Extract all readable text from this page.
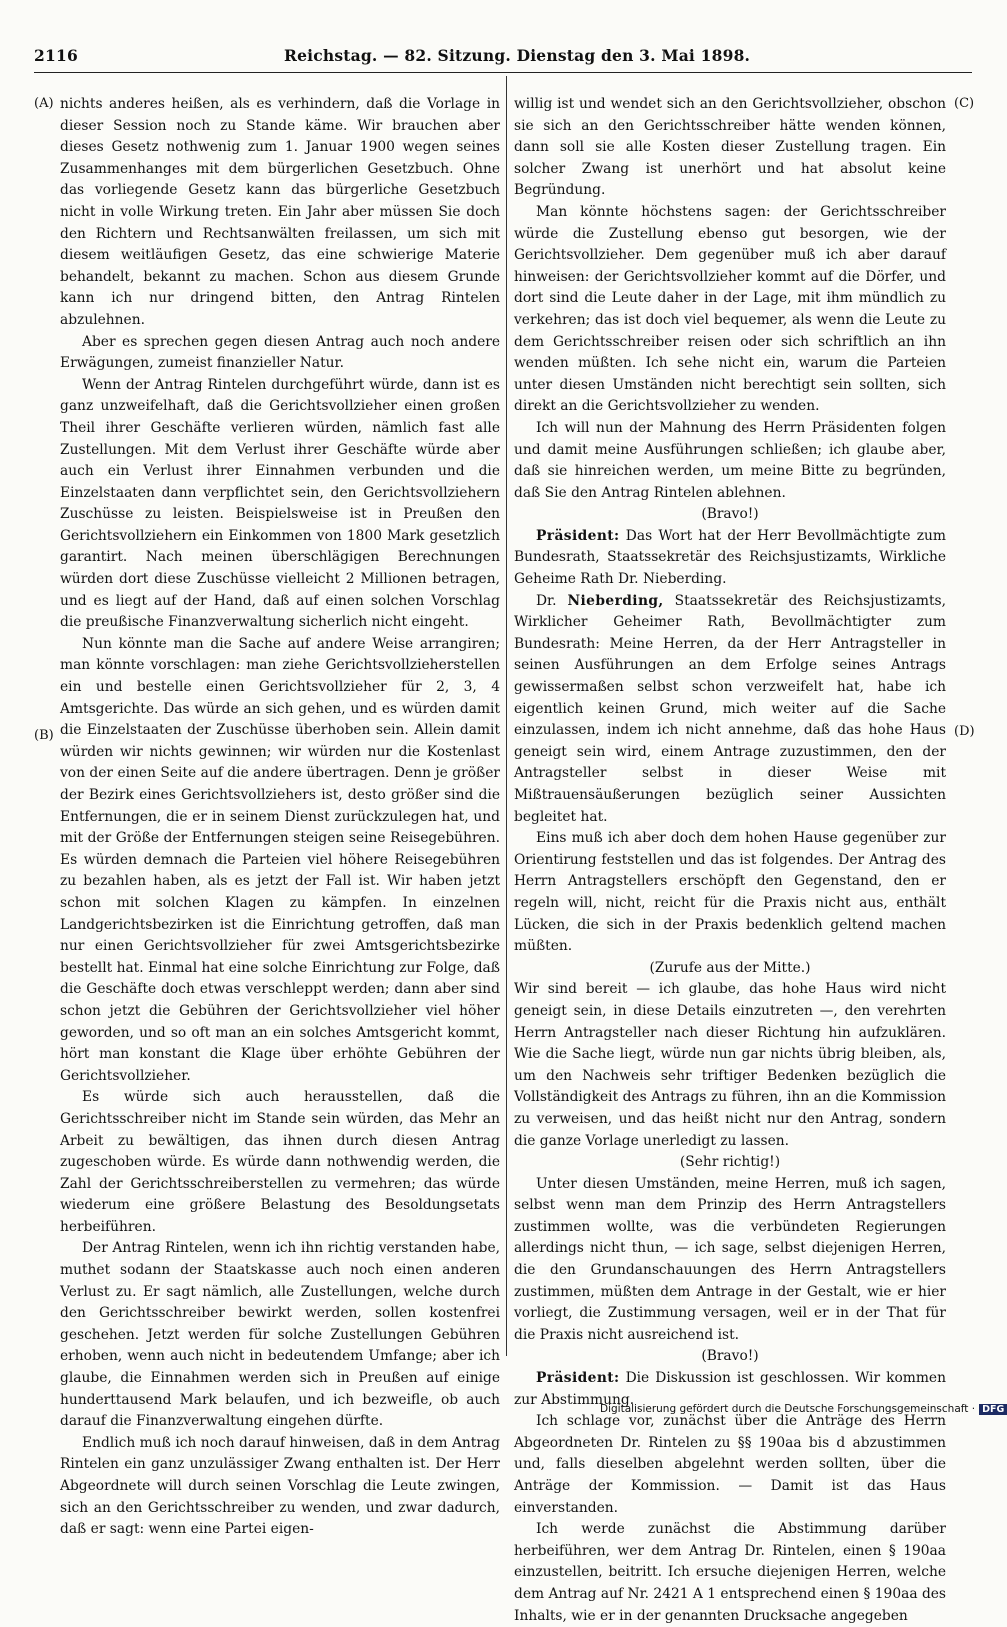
2116	Reichstag. — 82. Sitzung. Dienstag den 3. Mai 1898.
(A)
(B)
(C)
(D)

nichts anderes heißen, als es verhindern, daß die Vorlage in dieser Session noch zu Stande käme. Wir brauchen aber dieses Gesetz nothwenig zum 1. Januar 1900 wegen seines Zusammenhanges mit dem bürgerlichen Gesetzbuch. Ohne das vorliegende Gesetz kann das bürgerliche Gesetzbuch nicht in volle Wirkung treten. Ein Jahr aber müssen Sie doch den Richtern und Rechtsanwälten freilassen, um sich mit diesem weitläufigen Gesetz, das eine schwierige Materie behandelt, bekannt zu machen. Schon aus diesem Grunde kann ich nur dringend bitten, den Antrag Rintelen abzulehnen.

Aber es sprechen gegen diesen Antrag auch noch andere Erwägungen, zumeist finanzieller Natur.

Wenn der Antrag Rintelen durchgeführt würde, dann ist es ganz unzweifelhaft, daß die Gerichtsvollzieher einen großen Theil ihrer Geschäfte verlieren würden, nämlich fast alle Zustellungen. Mit dem Verlust ihrer Geschäfte würde aber auch ein Verlust ihrer Einnahmen verbunden und die Einzelstaaten dann verpflichtet sein, den Gerichtsvollziehern Zuschüsse zu leisten. Beispielsweise ist in Preußen den Gerichtsvollziehern ein Einkommen von 1800 Mark gesetzlich garantirt. Nach meinen überschlägigen Berechnungen würden dort diese Zuschüsse vielleicht 2 Millionen betragen, und es liegt auf der Hand, daß auf einen solchen Vorschlag die preußische Finanzverwaltung sicherlich nicht eingeht.

Nun könnte man die Sache auf andere Weise arrangiren; man könnte vorschlagen: man ziehe Gerichtsvollzieherstellen ein und bestelle einen Gerichtsvollzieher für 2, 3, 4 Amtsgerichte. Das würde an sich gehen, und es würden damit die Einzelstaaten der Zuschüsse überhoben sein. Allein damit würden wir nichts gewinnen; wir würden nur die Kostenlast von der einen Seite auf die andere übertragen. Denn je größer der Bezirk eines Gerichtsvollziehers ist, desto größer sind die Entfernungen, die er in seinem Dienst zurückzulegen hat, und mit der Größe der Entfernungen steigen seine Reisegebühren. Es würden demnach die Parteien viel höhere Reisegebühren zu bezahlen haben, als es jetzt der Fall ist. Wir haben jetzt schon mit solchen Klagen zu kämpfen. In einzelnen Landgerichtsbezirken ist die Einrichtung getroffen, daß man nur einen Gerichtsvollzieher für zwei Amtsgerichtsbezirke bestellt hat. Einmal hat eine solche Einrichtung zur Folge, daß die Geschäfte doch etwas verschleppt werden; dann aber sind schon jetzt die Gebühren der Gerichtsvollzieher viel höher geworden, und so oft man an ein solches Amtsgericht kommt, hört man konstant die Klage über erhöhte Gebühren der Gerichtsvollzieher.

Es würde sich auch herausstellen, daß die Gerichtsschreiber nicht im Stande sein würden, das Mehr an Arbeit zu bewältigen, das ihnen durch diesen Antrag zugeschoben würde. Es würde dann nothwendig werden, die Zahl der Gerichtsschreiberstellen zu vermehren; das würde wiederum eine größere Belastung des Besoldungsetats herbeiführen.

Der Antrag Rintelen, wenn ich ihn richtig verstanden habe, muthet sodann der Staatskasse auch noch einen anderen Verlust zu. Er sagt nämlich, alle Zustellungen, welche durch den Gerichtsschreiber bewirkt werden, sollen kostenfrei geschehen. Jetzt werden für solche Zustellungen Gebühren erhoben, wenn auch nicht in bedeutendem Umfange; aber ich glaube, die Einnahmen werden sich in Preußen auf einige hunderttausend Mark belaufen, und ich bezweifle, ob auch darauf die Finanzverwaltung eingehen dürfte.

Endlich muß ich noch darauf hinweisen, daß in dem Antrag Rintelen ein ganz unzulässiger Zwang enthalten ist. Der Herr Abgeordnete will durch seinen Vorschlag die Leute zwingen, sich an den Gerichtsschreiber zu wenden, und zwar dadurch, daß er sagt: wenn eine Partei eigen-

willig ist und wendet sich an den Gerichtsvollzieher, obschon sie sich an den Gerichtsschreiber hätte wenden können, dann soll sie alle Kosten dieser Zustellung tragen. Ein solcher Zwang ist unerhört und hat absolut keine Begründung.

Man könnte höchstens sagen: der Gerichtsschreiber würde die Zustellung ebenso gut besorgen, wie der Gerichtsvollzieher. Dem gegenüber muß ich aber darauf hinweisen: der Gerichtsvollzieher kommt auf die Dörfer, und dort sind die Leute daher in der Lage, mit ihm mündlich zu verkehren; das ist doch viel bequemer, als wenn die Leute zu dem Gerichtsschreiber reisen oder sich schriftlich an ihn wenden müßten. Ich sehe nicht ein, warum die Parteien unter diesen Umständen nicht berechtigt sein sollten, sich direkt an die Gerichtsvollzieher zu wenden.

Ich will nun der Mahnung des Herrn Präsidenten folgen und damit meine Ausführungen schließen; ich glaube aber, daß sie hinreichen werden, um meine Bitte zu begründen, daß Sie den Antrag Rintelen ablehnen.

(Bravo!)

Präsident: Das Wort hat der Herr Bevollmächtigte zum Bundesrath, Staatssekretär des Reichsjustizamts, Wirkliche Geheime Rath Dr. Nieberding.

Dr. Nieberding, Staatssekretär des Reichsjustizamts, Wirklicher Geheimer Rath, Bevollmächtigter zum Bundesrath: Meine Herren, da der Herr Antragsteller in seinen Ausführungen an dem Erfolge seines Antrags gewissermaßen selbst schon verzweifelt hat, habe ich eigentlich keinen Grund, mich weiter auf die Sache einzulassen, indem ich nicht annehme, daß das hohe Haus geneigt sein wird, einem Antrage zuzustimmen, den der Antragsteller selbst in dieser Weise mit Mißtrauensäußerungen bezüglich seiner Aussichten begleitet hat.

Eins muß ich aber doch dem hohen Hause gegenüber zur Orientirung feststellen und das ist folgendes. Der Antrag des Herrn Antragstellers erschöpft den Gegenstand, den er regeln will, nicht, reicht für die Praxis nicht aus, enthält Lücken, die sich in der Praxis bedenklich geltend machen müßten.

(Zurufe aus der Mitte.)

Wir sind bereit — ich glaube, das hohe Haus wird nicht geneigt sein, in diese Details einzutreten —, den verehrten Herrn Antragsteller nach dieser Richtung hin aufzuklären. Wie die Sache liegt, würde nun gar nichts übrig bleiben, als, um den Nachweis sehr triftiger Bedenken bezüglich die Vollständigkeit des Antrags zu führen, ihn an die Kommission zu verweisen, und das heißt nicht nur den Antrag, sondern die ganze Vorlage unerledigt zu lassen.

(Sehr richtig!)

Unter diesen Umständen, meine Herren, muß ich sagen, selbst wenn man dem Prinzip des Herrn Antragstellers zustimmen wollte, was die verbündeten Regierungen allerdings nicht thun, — ich sage, selbst diejenigen Herren, die den Grundanschauungen des Herrn Antragstellers zustimmen, müßten dem Antrage in der Gestalt, wie er hier vorliegt, die Zustimmung versagen, weil er in der That für die Praxis nicht ausreichend ist.

(Bravo!)

Präsident: Die Diskussion ist geschlossen. Wir kommen zur Abstimmung.

Ich schlage vor, zunächst über die Anträge des Herrn Abgeordneten Dr. Rintelen zu §§ 190aa bis d abzustimmen und, falls dieselben abgelehnt werden sollten, über die Anträge der Kommission. — Damit ist das Haus einverstanden.

Ich werde zunächst die Abstimmung darüber herbeiführen, wer dem Antrag Dr. Rintelen, einen § 190aa einzustellen, beitritt. Ich ersuche diejenigen Herren, welche dem Antrag auf Nr. 2421 A 1 entsprechend einen § 190aa des Inhalts, wie er in der genannten Drucksache angegeben

Digitalisierung gefördert durch die Deutsche Forschungsgemeinschaft · DFG
